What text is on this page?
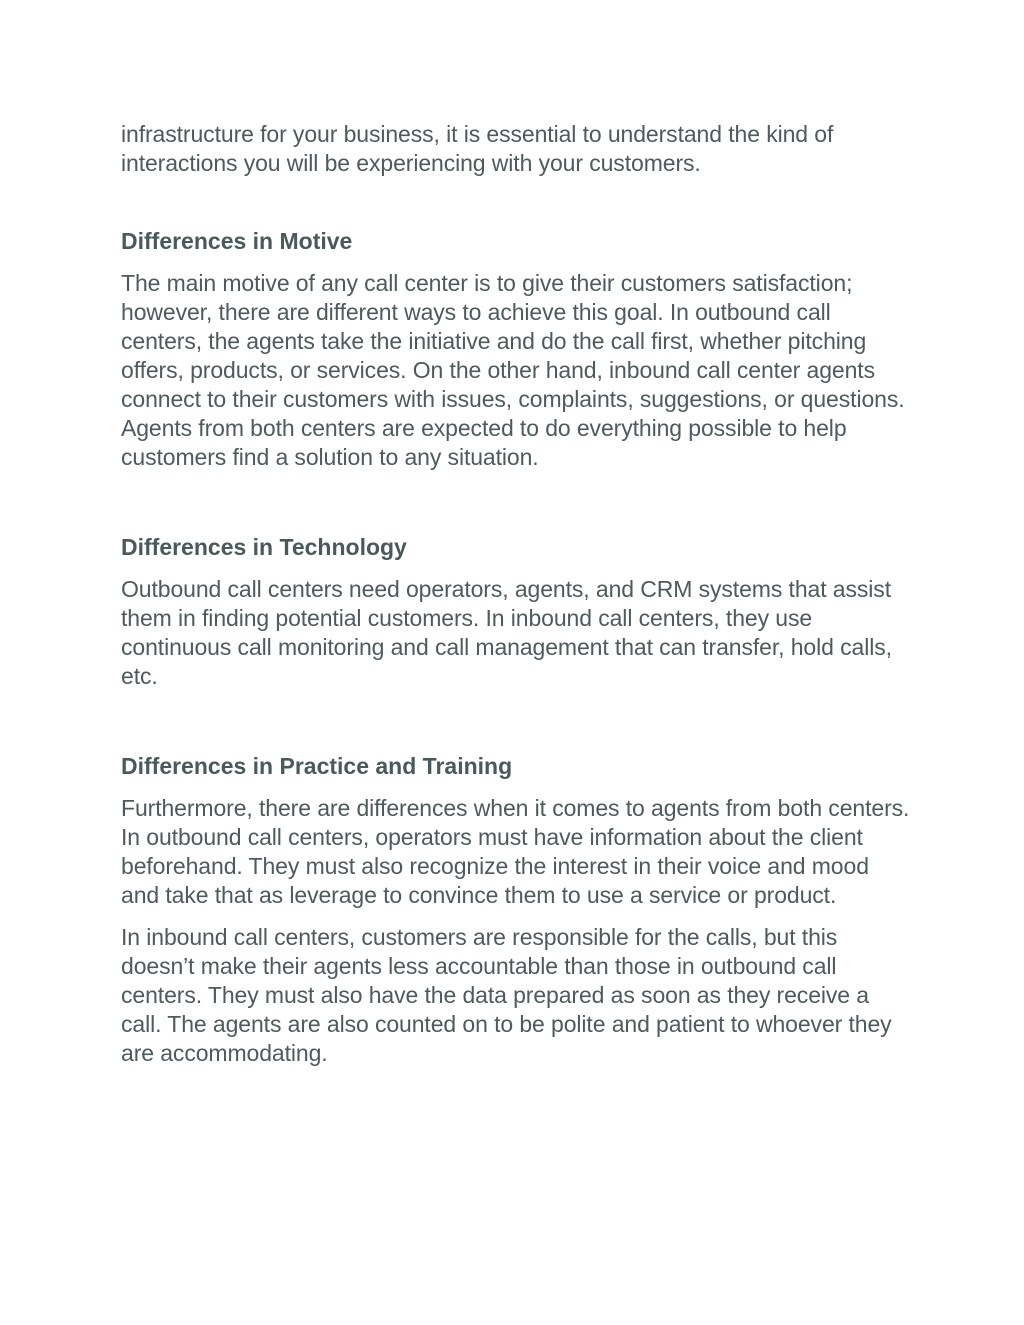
infrastructure for your business, it is essential to understand the kind of interactions you will be experiencing with your customers.

Differences in Motive

The main motive of any call center is to give their customers satisfaction; however, there are different ways to achieve this goal. In outbound call centers, the agents take the initiative and do the call first, whether pitching offers, products, or services. On the other hand, inbound call center agents connect to their customers with issues, complaints, suggestions, or questions. Agents from both centers are expected to do everything possible to help customers find a solution to any situation.

Differences in Technology

Outbound call centers need operators, agents, and CRM systems that assist them in finding potential customers. In inbound call centers, they use continuous call monitoring and call management that can transfer, hold calls, etc.

Differences in Practice and Training

Furthermore, there are differences when it comes to agents from both centers. In outbound call centers, operators must have information about the client beforehand. They must also recognize the interest in their voice and mood and take that as leverage to convince them to use a service or product.

In inbound call centers, customers are responsible for the calls, but this doesn’t make their agents less accountable than those in outbound call centers. They must also have the data prepared as soon as they receive a call. The agents are also counted on to be polite and patient to whoever they are accommodating.
